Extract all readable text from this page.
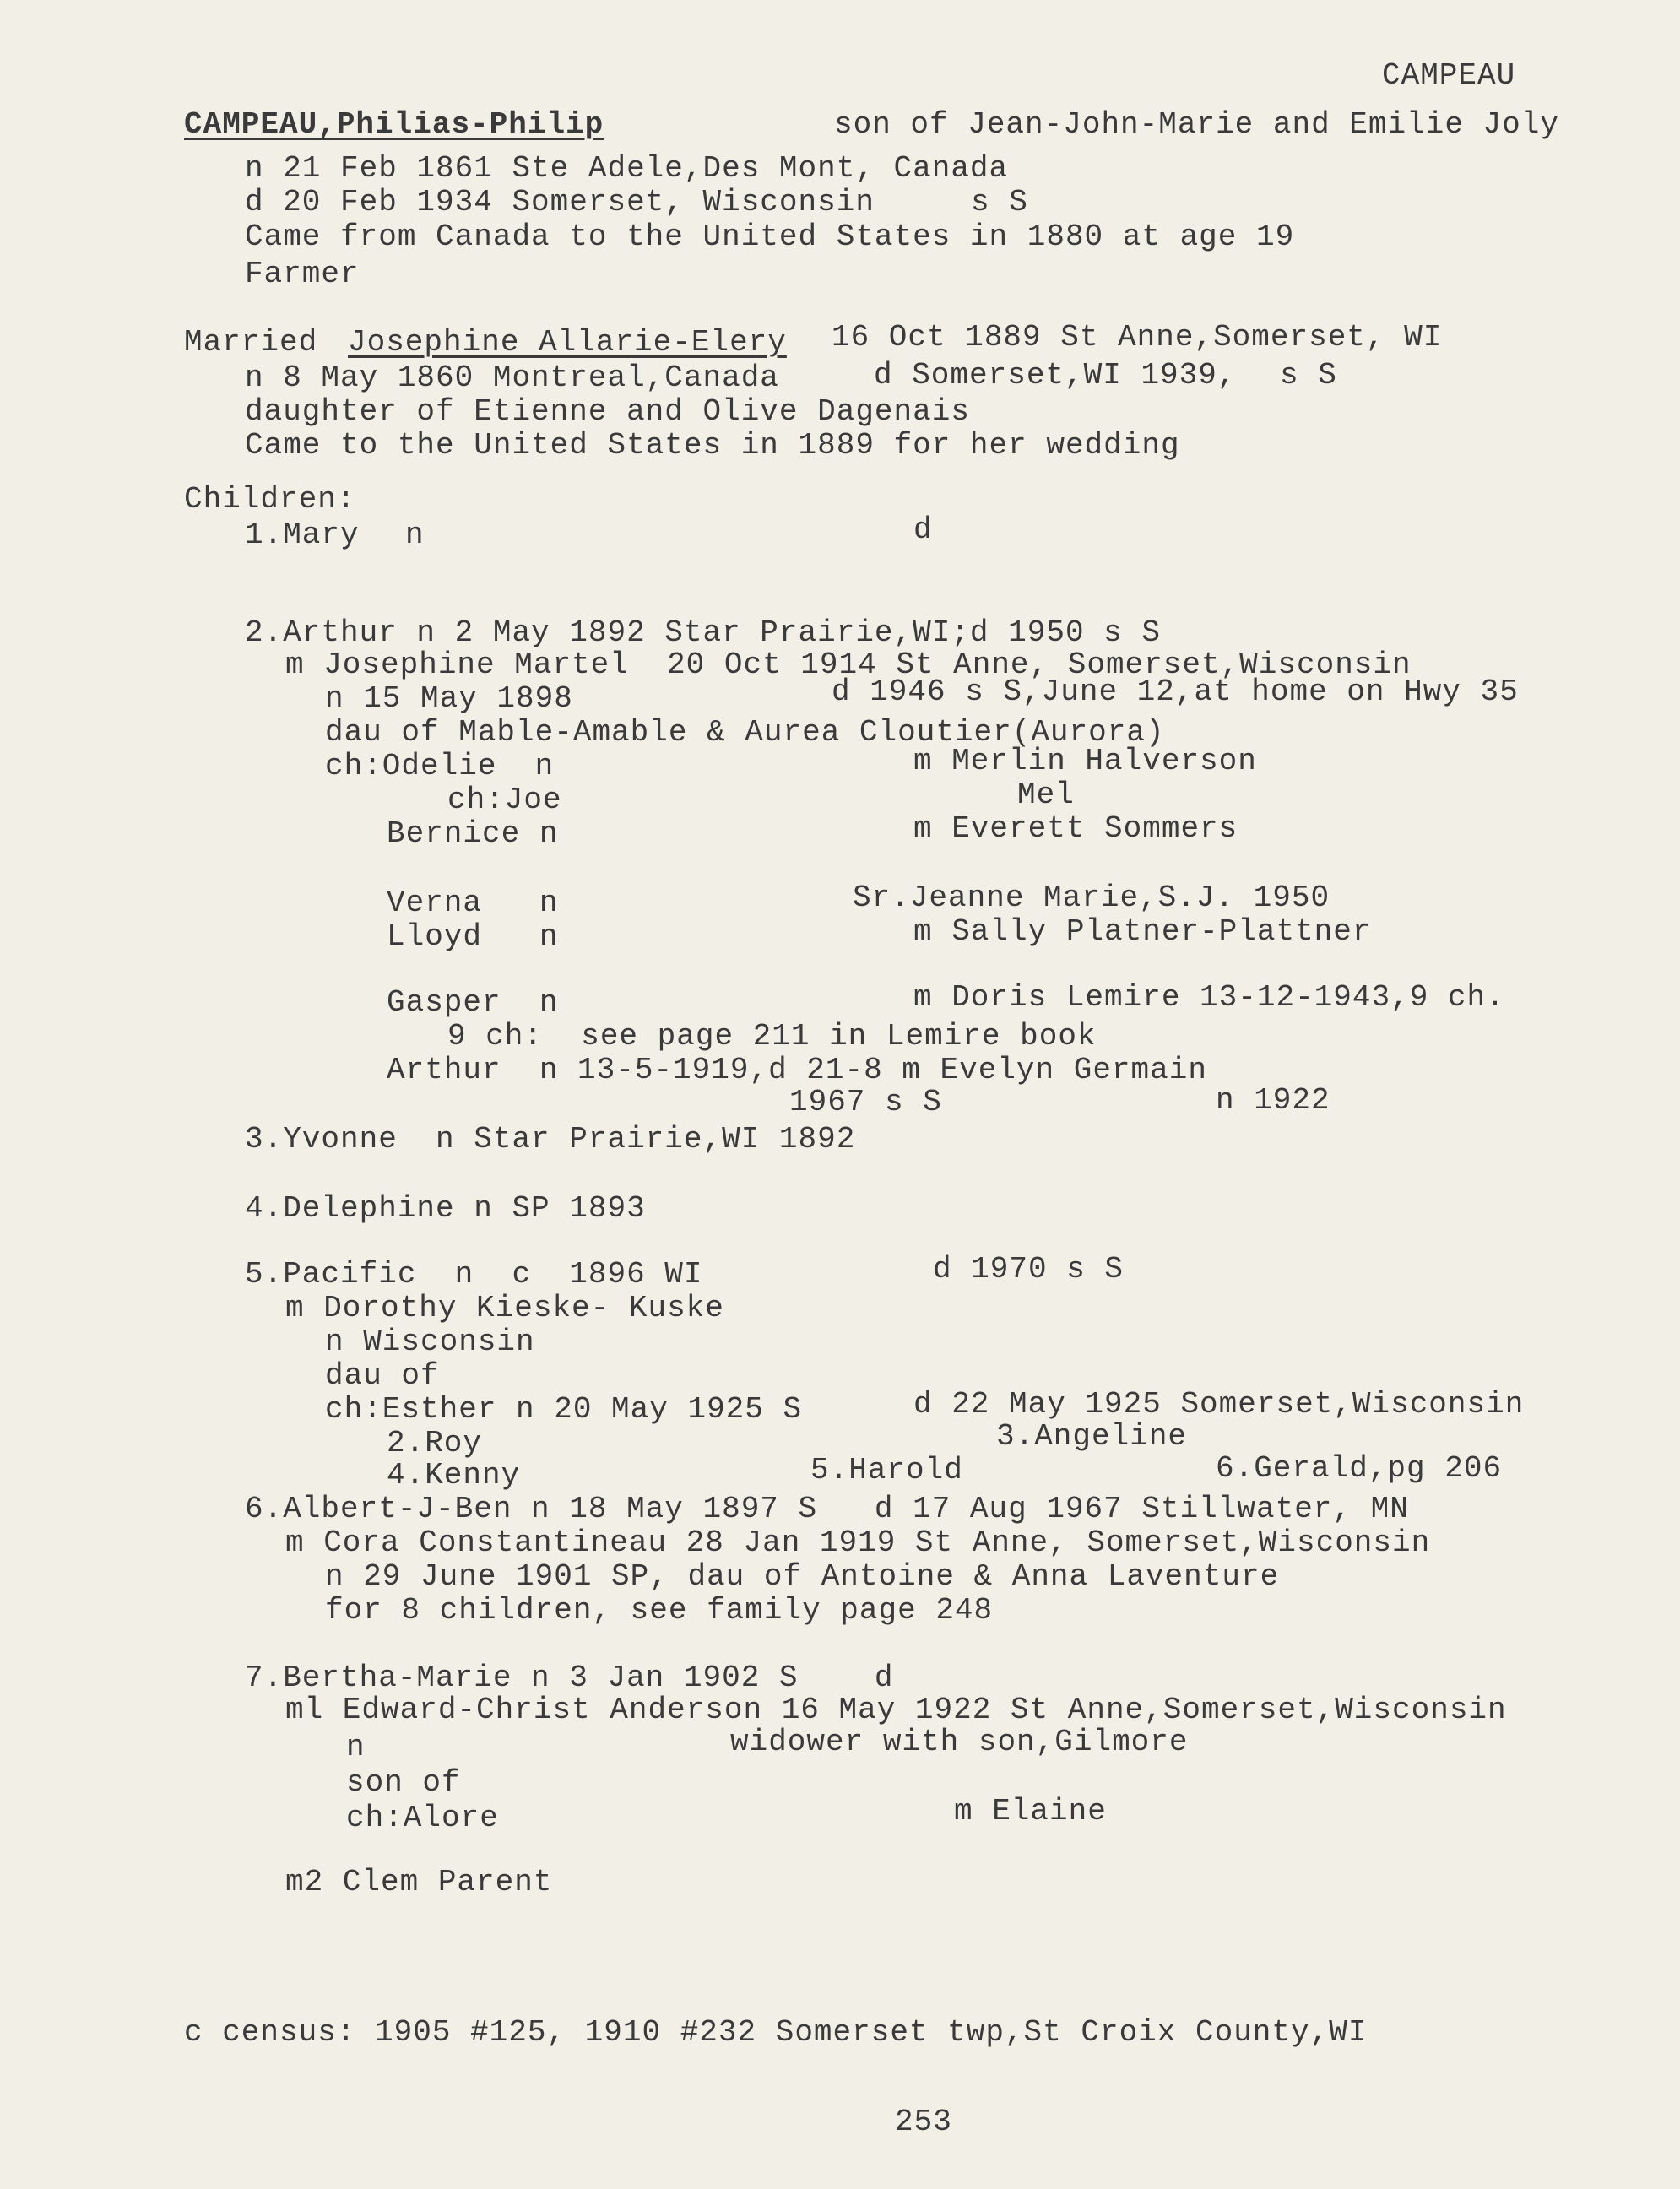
CAMPEAU
CAMPEAU,Philias-Philip	son of Jean-John-Marie and Emilie Joly
n 21 Feb 1861 Ste Adele,Des Mont, Canada
d 20 Feb 1934 Somerset, Wisconsin	s S
Came from Canada to the United States in 1880 at age 19
Farmer
Married Josephine Allarie-Elery 16 Oct 1889 St Anne,Somerset, WI
n 8 May 1860 Montreal,Canada	d Somerset,WI 1939, s S
daughter of Etienne and Olive Dagenais
Came to the United States in 1889 for her wedding
Children:
1.Mary n	d
2.Arthur n 2 May 1892 Star Prairie,WI;d 1950 s S
m Josephine Martel  20 Oct 1914 St Anne, Somerset,Wisconsin
n 15 May 1898	d 1946 s S,June 12,at home on Hwy 35
dau of Mable-Amable & Aurea Cloutier(Aurora)
ch:Odelie  n	m Merlin Halverson
ch:Joe	Mel
Bernice n	m Everett Sommers
Verna   n	Sr.Jeanne Marie,S.J. 1950
Lloyd   n	m Sally Platner-Plattner
Gasper  n	m Doris Lemire 13-12-1943,9 ch.
9 ch:  see page 211 in Lemire book
Arthur  n 13-5-1919,d 21-8 m Evelyn Germain
1967 s S	n 1922
3.Yvonne  n Star Prairie,WI 1892
4.Delephine n SP 1893
5.Pacific  n  c  1896 WI	d 1970 s S
m Dorothy Kieske- Kuske
n Wisconsin
dau of
ch:Esther n 20 May 1925 S	d 22 May 1925 Somerset,Wisconsin
2.Roy	3.Angeline
4.Kenny	5.Harold	6.Gerald,pg 206
6.Albert-J-Ben n 18 May 1897 S   d 17 Aug 1967 Stillwater, MN
m Cora Constantineau 28 Jan 1919 St Anne, Somerset,Wisconsin
n 29 June 1901 SP, dau of Antoine & Anna Laventure
for 8 children, see family page 248
7.Bertha-Marie n 3 Jan 1902 S    d
ml Edward-Christ Anderson 16 May 1922 St Anne,Somerset,Wisconsin
n	widower with son,Gilmore
son of
ch:Alore	m Elaine
m2 Clem Parent
c census: 1905 #125, 1910 #232 Somerset twp,St Croix County,WI
253
